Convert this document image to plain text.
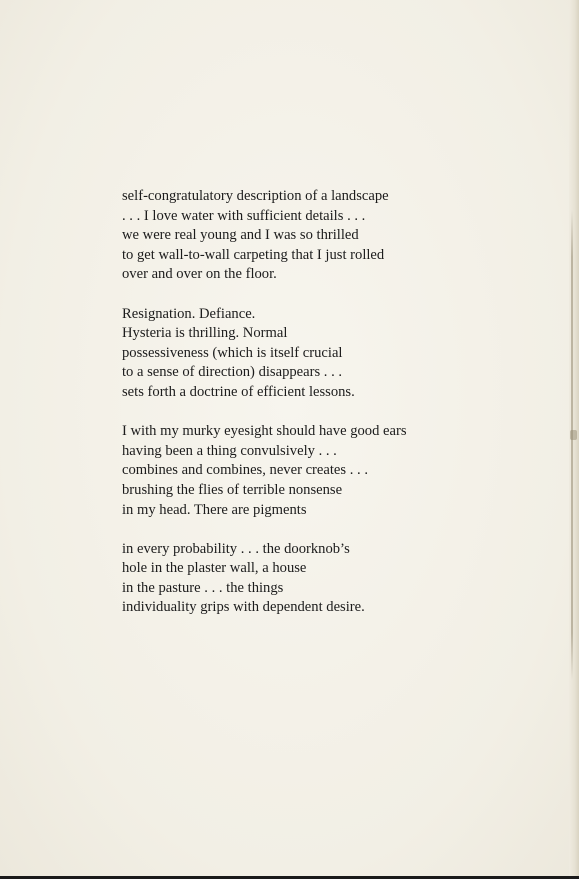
self-congratulatory description of a landscape
. . . I love water with sufficient details . . .
we were real young and I was so thrilled
to get wall-to-wall carpeting that I just rolled
over and over on the floor.
Resignation. Defiance.
Hysteria is thrilling. Normal
possessiveness (which is itself crucial
to a sense of direction) disappears . . .
sets forth a doctrine of efficient lessons.
I with my murky eyesight should have good ears
having been a thing convulsively . . .
combines and combines, never creates . . .
brushing the flies of terrible nonsense
in my head. There are pigments
in every probability . . . the doorknob’s
hole in the plaster wall, a house
in the pasture . . . the things
individuality grips with dependent desire.
